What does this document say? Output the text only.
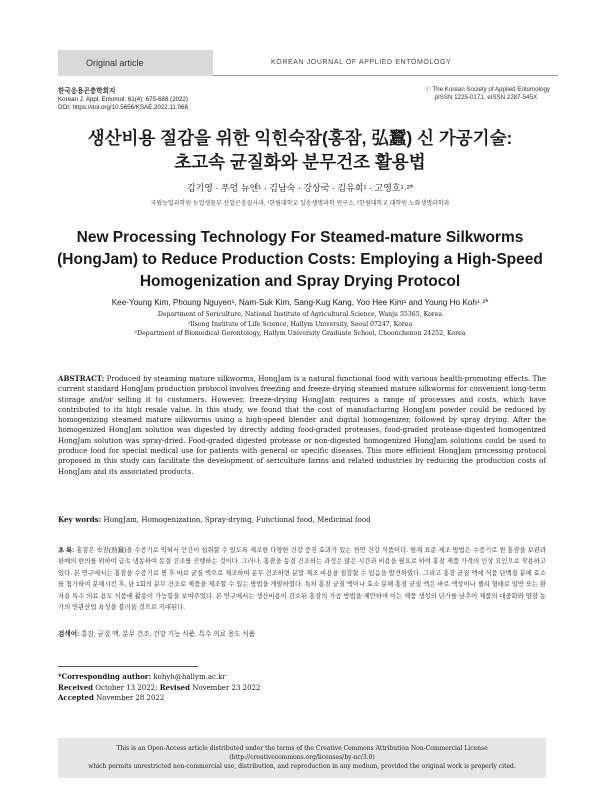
Original article	KOREAN JOURNAL OF APPLIED ENTOMOLOGY
한국응용곤충학회지
Korean J. Appl. Entomol. 61(4): 675-688 (2022)
DOI: https://doi.org/10.5656/KSAE.2022.11.068
ⓒ The Korean Society of Applied Entomology
pISSN 1225-0171, eISSN 2287-545X
생산비용 절감을 위한 익힌숙잠(홍잠, 弘蠶) 신 가공기술:
초고속 균질화와 분무건조 활용법
김기영 · 푸엉 뉴엔¹ · 김남숙 · 강상국 · 김유희¹ · 고영호¹˒²*
국립농업과학원 농업생물부 산업곤충질사과, ¹한림대학교 일송생명과학 연구소, ²한림대학교 대학원 노화생명과학과
New Processing Technology For Steamed-mature Silkworms (HongJam) to Reduce Production Costs: Employing a High-Speed Homogenization and Spray Drying Protocol
Kee-Young Kim, Phoung Nguyen¹, Nam-Suk Kim, Sang-Kug Kang, Yoo Hee Kim¹ and Young Ho Koh¹˒²*
Department of Sericulture, National Institute of Agricultural Science, Wanju 55365, Korea
¹Ilsong Institute of Life Science, Hallym University, Seoul 07247, Korea
²Department of Biomedical Gerontology, Hallym University Graduate School, Choonchenon 24252, Korea
ABSTRACT: Produced by steaming mature silkworms, HongJam is a natural functional food with various health-promoting effects. The current standard HongJam production protocol involves freezing and freeze-drying steamed mature silkworms for convenient long-term storage and/or selling it to customers. However, freeze-drying HongJam requires a range of processes and costs, which have contributed to its high resale value. In this study, we found that the cost of manufacturing HongJam powder could be reduced by homogenizing steamed mature silkworms using a high-speed blender and digital homogenizer, followed by spray drying. After the homogenized HongJam solution was digested by directly adding food-graded proteases, food-graded protease-digested homogenized HongJam solution was spray-dried. Food-graded digested protease or non-digested homogenized HongJam solutions could be used to produce food for special medical use for patients with general or specific diseases. This more efficient HongJam processing protocol proposed in this study can facilitate the development of sericulture farms and related industries by reducing the production costs of HongJam and its associated products.
Key words: HongJam, Homogenization, Spray-drying, Functional food, Medicinal food
초 록: 홍잠은 숙잠(熟蠶)을 수증기로 익혀서 인간이 섭취할 수 있도록 제조한 다양한 건강 증진 효과가 있는 천연 건강 식품이다. 현재 표준 제조 방법은 수증기로 찐 홍잠을 보관과 판매의 편의를 위하여 급속 냉동하여 동결 건조를 진행하는 것이다. 그러나, 홍잠을 동결 건조하는 과정은 많은 시간과 비용을 필요로 하여 홍잠 제품 가격의 인상 요인으로 작용하고 있다. 본 연구에서는 홍잠을 수증기로 찐 후 바로 균질 액으로 제조하여 분무 건조하면 분말 제조 비용을 절감할 수 있음을 발견하였다. 그리고 홍잠 균질 액에 식품 단백질 분해 효소를 첨가하여 분해시킨 후, 단 1회의 분무 건조로 제품을 제조할 수 있는 방법을 개발하였다. 특히 홍잠 균질 액이나 효소 분해 홍잠 균질 액은 바로 액상이나 젤리 형태로 일반 또는 환자용 특수 의료 용도 식품에 활용이 가능함을 보여주었다. 본 연구에서는 생산비용이 감소된 홍잠의 가공 방법을 제안하며 이는 제품 생성의 단가를 낮추어 제품의 대중화와 양잠 농가의 연관산업 육성을 불러올 것으로 기대된다.
검색어: 홍잠, 균질 액, 분무 건조, 건강 기능 식품, 특수 의료 용도 식품
*Corresponding author: kohyh@hallym.ac.kr
Received October 13 2022; Revised November 23 2022
Accepted November 28 2022
This is an Open-Access article distributed under the terms of the Creative Commons Attribution Non-Commercial License (http://creativecommons.org/licenses/by-nc/3.0)
which permits unrestricted non-commercial use, distribution, and reproduction in any medium, provided the original work is properly cited.
